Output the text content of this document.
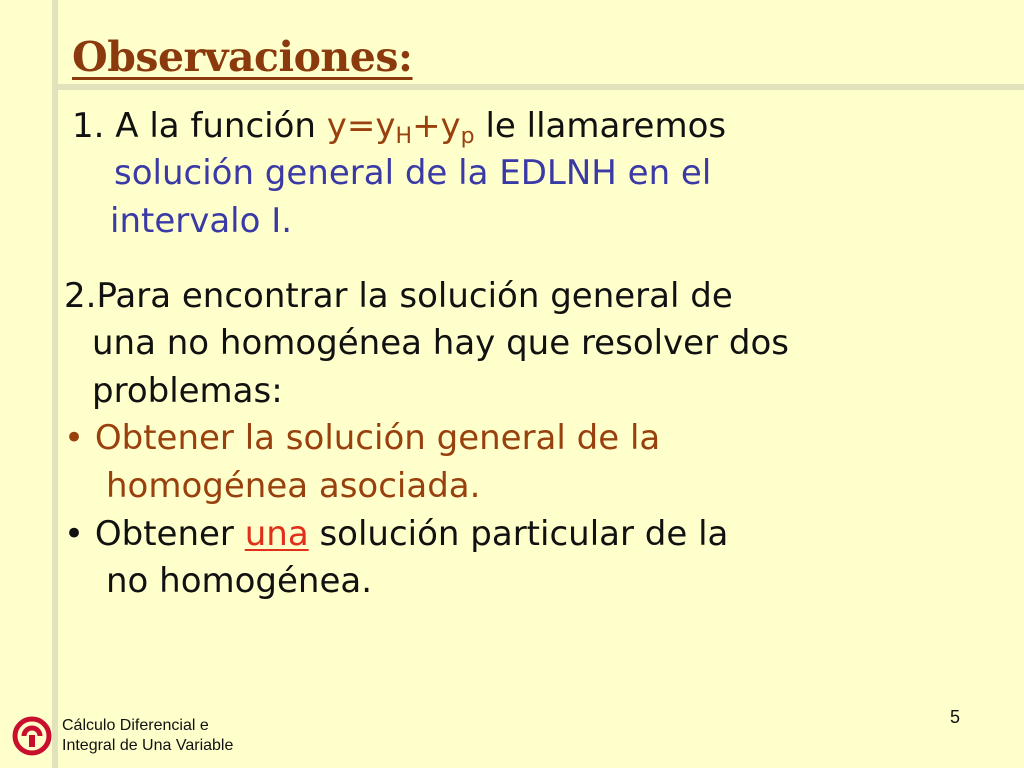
Observaciones:
1. A la función $y=y_H+y_p$ le llamaremos
solución general de la EDLNH en el
intervalo I.
2.Para encontrar la solución general de
una no homogénea hay que resolver dos
problemas:
• Obtener la solución general de la
homogénea asociada.
• Obtener una solución particular de la
no homogénea.
Cálculo Diferencial e
Integral de Una Variable
5
